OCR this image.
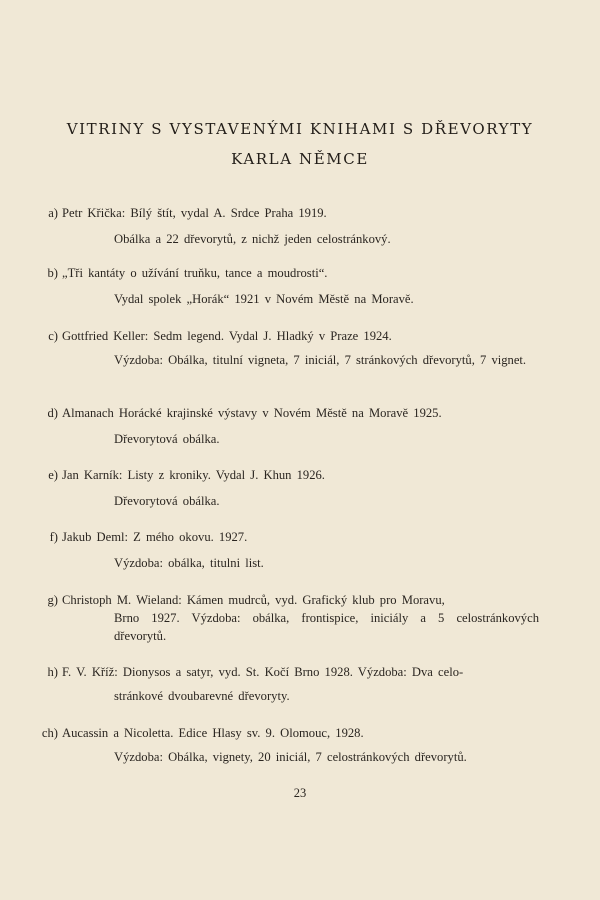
VITRINY S VYSTAVENÝMI KNIHAMI S DŘEVORYTY
KARLA NĚMCE
a) Petr Křička: Bílý štít, vydal A. Srdce Praha 1919.
Obálka a 22 dřevorytů, z nichž jeden celostránkový.
b) „Tři kantáty o užívání truňku, tance a moudrosti“.
Vydal spolek „Horák“ 1921 v Novém Městě na Moravě.
c) Gottfried Keller: Sedm legend. Vydal J. Hladký v Praze 1924.
Výzdoba: Obálka, titulní vigneta, 7 iniciál, 7 stránkových dřevorytů, 7 vignet.
d) Almanach Horácké krajinské výstavy v Novém Městě na Moravě 1925.
Dřevorytová obálka.
e) Jan Karník: Listy z kroniky. Vydal J. Khun 1926.
Dřevorytová obálka.
f) Jakub Deml: Z mého okovu. 1927.
Výzdoba: obálka, titulni list.
g) Christoph M. Wieland: Kámen mudrců, vyd. Grafický klub pro Moravu,
Brno 1927. Výzdoba: obálka, frontispice, iniciály a 5 celostránkových dřevorytů.
h) F. V. Kříž: Dionysos a satyr, vyd. St. Kočí Brno 1928. Výzdoba: Dva celo-
stránkové dvoubarevné dřevoryty.
ch) Aucassin a Nicoletta. Edice Hlasy sv. 9. Olomouc, 1928.
Výzdoba: Obálka, vignety, 20 iniciál, 7 celostránkových dřevorytů.
23
